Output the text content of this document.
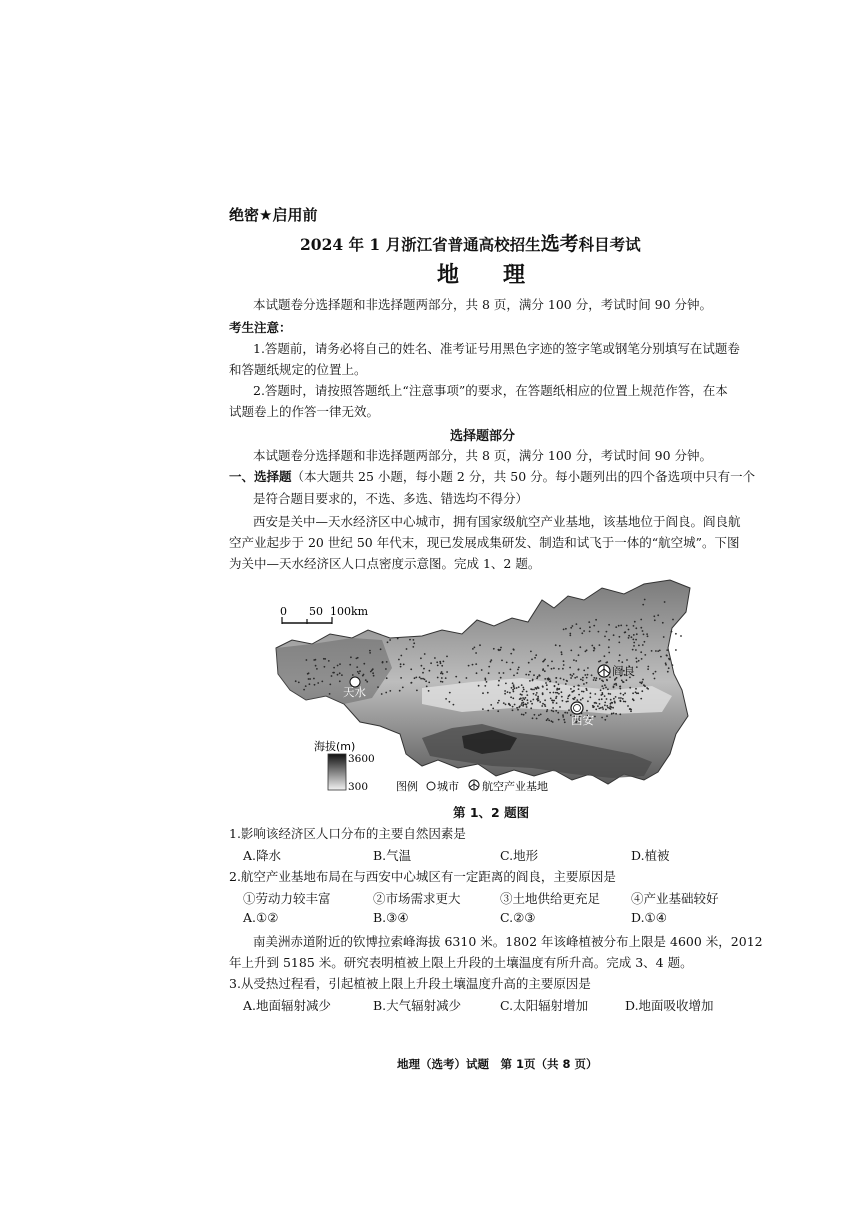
绝密★启用前
2024 年 1 月浙江省普通高校招生选考科目考试
地　　理
本试题卷分选择题和非选择题两部分，共 8 页，满分 100 分，考试时间 90 分钟。
考生注意：
1.答题前，请务必将自己的姓名、准考证号用黑色字迹的签字笔或钢笔分别填写在试题卷
和答题纸规定的位置上。
2.答题时，请按照答题纸上“注意事项”的要求，在答题纸相应的位置上规范作答，在本
试题卷上的作答一律无效。
选择题部分
本试题卷分选择题和非选择题两部分，共 8 页，满分 100 分，考试时间 90 分钟。
一、选择题（本大题共 25 小题，每小题 2 分，共 50 分。每小题列出的四个备选项中只有一个
是符合题目要求的，不选、多选、错选均不得分）
西安是关中—天水经济区中心城市，拥有国家级航空产业基地，该基地位于阎良。阎良航
空产业起步于 20 世纪 50 年代末，现已发展成集研发、制造和试飞于一体的“航空城”。下图
为关中—天水经济区人口点密度示意图。完成 1、2 题。
0 50 100km
天水
西安
阎良
海拔(m)
3600
300	图例 城市 航空产业基地
第 1、2 题图
1.影响该经济区人口分布的主要自然因素是
A.降水	B.气温	C.地形	D.植被
2.航空产业基地布局在与西安中心城区有一定距离的阎良，主要原因是
①劳动力较丰富	②市场需求更大	③土地供给更充足 ④产业基础较好
A.①②	B.③④	C.②③	D.①④
南美洲赤道附近的钦博拉索峰海拔 6310 米。1802 年该峰植被分布上限是 4600 米，2012
年上升到 5185 米。研究表明植被上限上升段的土壤温度有所升高。完成 3、4 题。
3.从受热过程看，引起植被上限上升段土壤温度升高的主要原因是
A.地面辐射减少	B.大气辐射减少	C.太阳辐射增加	D.地面吸收增加
地理（选考）试题　第 1页（共 8 页）
